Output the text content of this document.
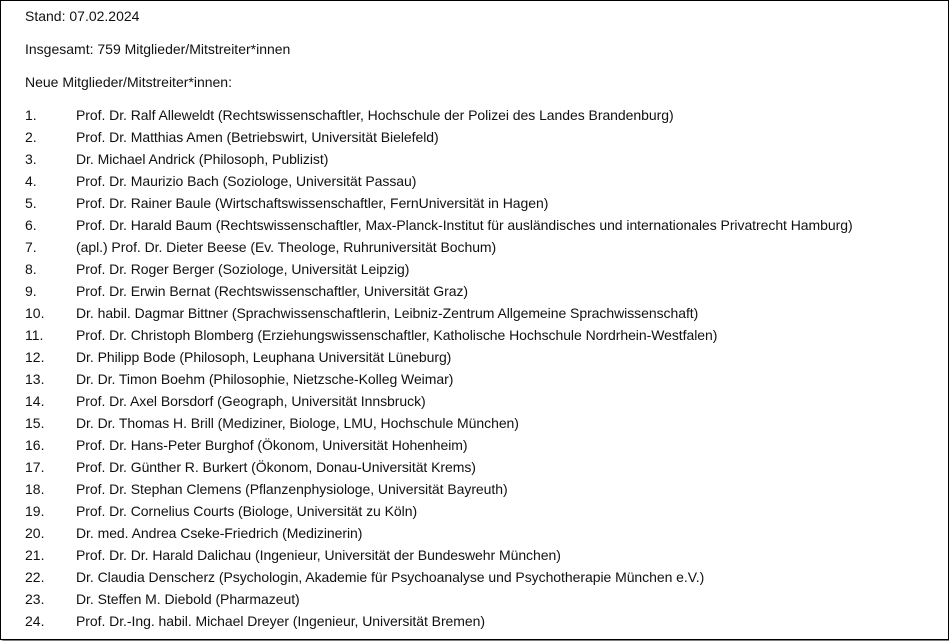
Stand: 07.02.2024
Insgesamt: 759 Mitglieder/Mitstreiter*innen
Neue Mitglieder/Mitstreiter*innen:
1.	Prof. Dr. Ralf Alleweldt (Rechtswissenschaftler, Hochschule der Polizei des Landes Brandenburg)
2.	Prof. Dr. Matthias Amen (Betriebswirt, Universität Bielefeld)
3.	Dr. Michael Andrick (Philosoph, Publizist)
4.	Prof. Dr. Maurizio Bach (Soziologe, Universität Passau)
5.	Prof. Dr. Rainer Baule (Wirtschaftswissenschaftler, FernUniversität in Hagen)
6.	Prof. Dr. Harald Baum (Rechtswissenschaftler, Max-Planck-Institut für ausländisches und internationales Privatrecht Hamburg)
7.	(apl.) Prof. Dr. Dieter Beese (Ev. Theologe, Ruhruniversität Bochum)
8.	Prof. Dr. Roger Berger (Soziologe, Universität Leipzig)
9.	Prof. Dr. Erwin Bernat (Rechtswissenschaftler, Universität Graz)
10.	Dr. habil. Dagmar Bittner (Sprachwissenschaftlerin, Leibniz-Zentrum Allgemeine Sprachwissenschaft)
11.	Prof. Dr. Christoph Blomberg (Erziehungswissenschaftler, Katholische Hochschule Nordrhein-Westfalen)
12.	Dr. Philipp Bode (Philosoph, Leuphana Universität Lüneburg)
13.	Dr. Dr. Timon Boehm (Philosophie, Nietzsche-Kolleg Weimar)
14.	Prof. Dr. Axel Borsdorf (Geograph, Universität Innsbruck)
15.	Dr. Dr. Thomas H. Brill (Mediziner, Biologe, LMU, Hochschule München)
16.	Prof. Dr. Hans-Peter Burghof (Ökonom, Universität Hohenheim)
17.	Prof. Dr. Günther R. Burkert (Ökonom, Donau-Universität Krems)
18.	Prof. Dr. Stephan Clemens (Pflanzenphysiologe, Universität Bayreuth)
19.	Prof. Dr. Cornelius Courts (Biologe, Universität zu Köln)
20.	Dr. med. Andrea Cseke-Friedrich (Medizinerin)
21.	Prof. Dr. Dr. Harald Dalichau (Ingenieur, Universität der Bundeswehr München)
22.	Dr. Claudia Denscherz (Psychologin, Akademie für Psychoanalyse und Psychotherapie München e.V.)
23.	Dr. Steffen M. Diebold (Pharmazeut)
24.	Prof. Dr.-Ing. habil. Michael Dreyer (Ingenieur, Universität Bremen)
